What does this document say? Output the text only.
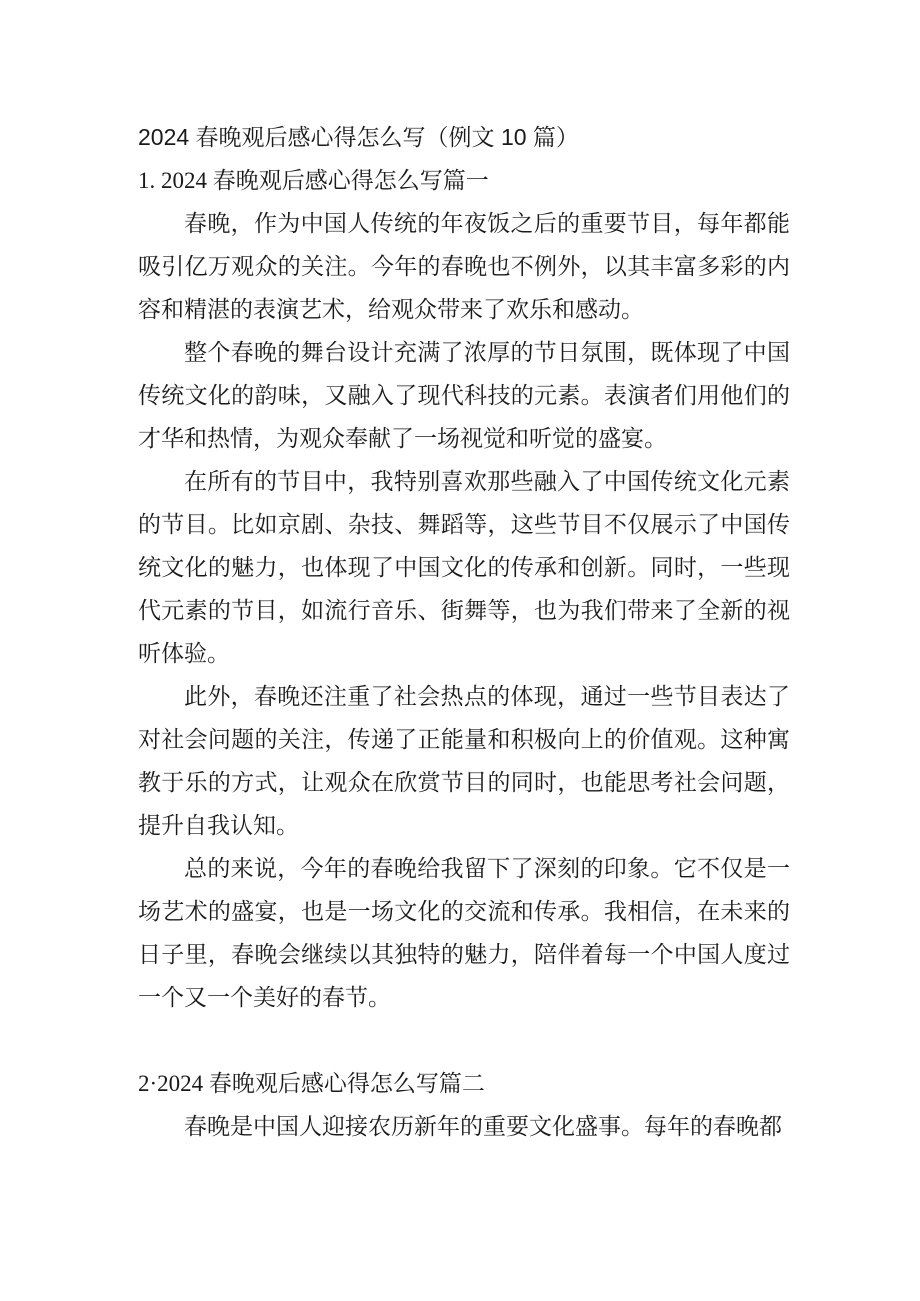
2024 春晚观后感心得怎么写（例文 10 篇）

1. 2024 春晚观后感心得怎么写篇一

春晚，作为中国人传统的年夜饭之后的重要节目，每年都能吸引亿万观众的关注。今年的春晚也不例外，以其丰富多彩的内容和精湛的表演艺术，给观众带来了欢乐和感动。

整个春晚的舞台设计充满了浓厚的节日氛围，既体现了中国传统文化的韵味，又融入了现代科技的元素。表演者们用他们的才华和热情，为观众奉献了一场视觉和听觉的盛宴。

在所有的节目中，我特别喜欢那些融入了中国传统文化元素的节目。比如京剧、杂技、舞蹈等，这些节目不仅展示了中国传统文化的魅力，也体现了中国文化的传承和创新。同时，一些现代元素的节目，如流行音乐、街舞等，也为我们带来了全新的视听体验。

此外，春晚还注重了社会热点的体现，通过一些节目表达了对社会问题的关注，传递了正能量和积极向上的价值观。这种寓教于乐的方式，让观众在欣赏节目的同时，也能思考社会问题，提升自我认知。

总的来说，今年的春晚给我留下了深刻的印象。它不仅是一场艺术的盛宴，也是一场文化的交流和传承。我相信，在未来的日子里，春晚会继续以其独特的魅力，陪伴着每一个中国人度过一个又一个美好的春节。

2·2024 春晚观后感心得怎么写篇二

春晚是中国人迎接农历新年的重要文化盛事。每年的春晚都
